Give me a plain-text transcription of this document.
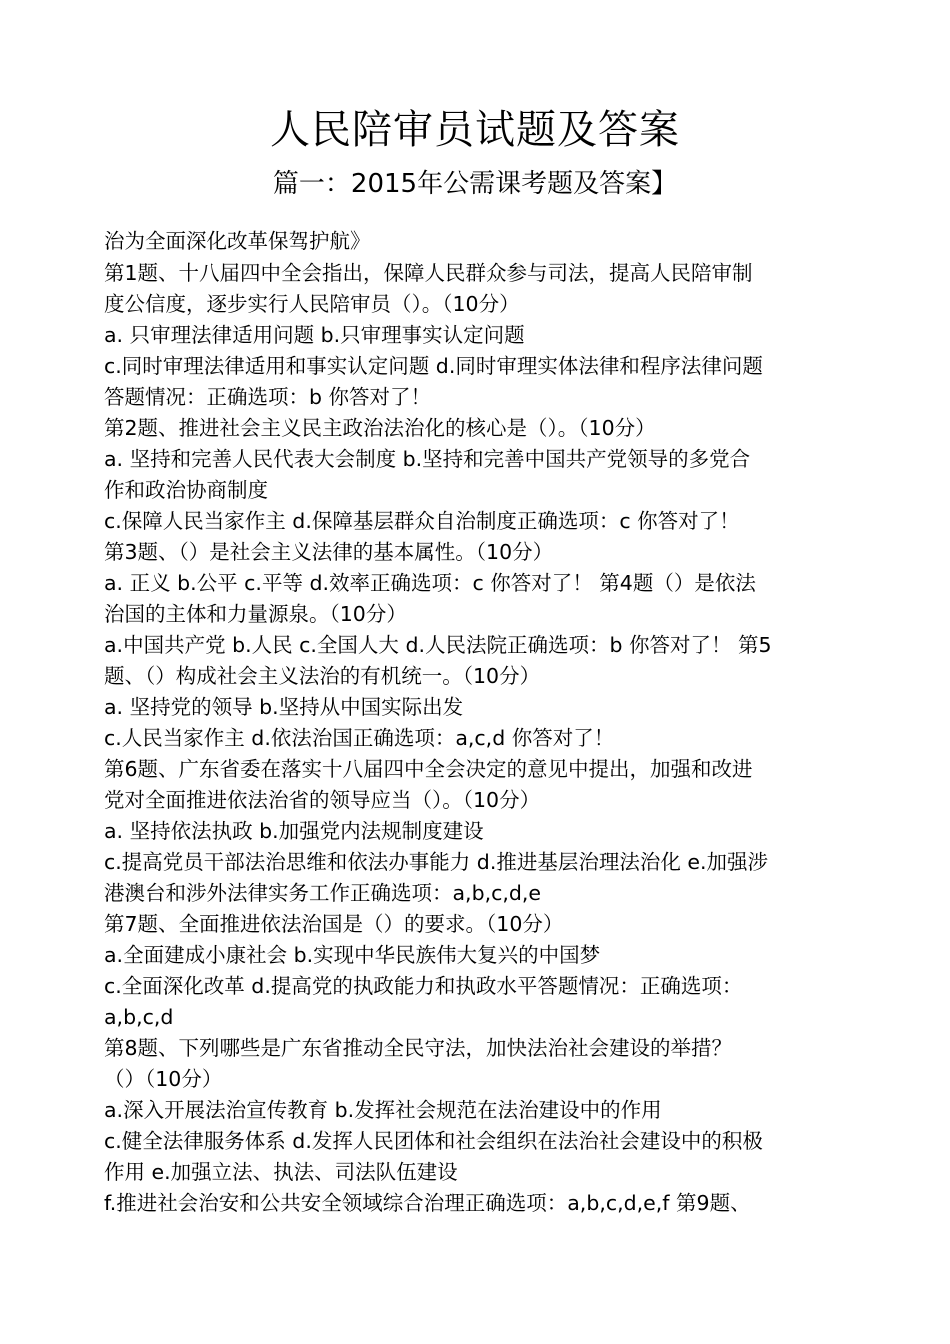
人民陪审员试题及答案
篇一：2015年公需课考题及答案】
治为全面深化改革保驾护航》
第1题、十八届四中全会指出，保障人民群众参与司法，提高人民陪审制
度公信度，逐步实行人民陪审员（）。（10分）
a. 只审理法律适用问题 b.只审理事实认定问题
c.同时审理法律适用和事实认定问题 d.同时审理实体法律和程序法律问题
答题情况：正确选项：b 你答对了！
第2题、推进社会主义民主政治法治化的核心是（）。（10分）
a. 坚持和完善人民代表大会制度 b.坚持和完善中国共产党领导的多党合
作和政治协商制度
c.保障人民当家作主 d.保障基层群众自治制度正确选项：c 你答对了！
第3题、（）是社会主义法律的基本属性。（10分）
a. 正义 b.公平 c.平等 d.效率正确选项：c 你答对了！ 第4题（）是依法
治国的主体和力量源泉。（10分）
a.中国共产党 b.人民 c.全国人大 d.人民法院正确选项：b 你答对了！ 第5
题、（）构成社会主义法治的有机统一。（10分）
a. 坚持党的领导 b.坚持从中国实际出发
c.人民当家作主 d.依法治国正确选项：a,c,d 你答对了！
第6题、广东省委在落实十八届四中全会决定的意见中提出，加强和改进
党对全面推进依法治省的领导应当（）。（10分）
a. 坚持依法执政 b.加强党内法规制度建设
c.提高党员干部法治思维和依法办事能力 d.推进基层治理法治化 e.加强涉
港澳台和涉外法律实务工作正确选项：a,b,c,d,e
第7题、全面推进依法治国是（）的要求。（10分）
a.全面建成小康社会 b.实现中华民族伟大复兴的中国梦
c.全面深化改革 d.提高党的执政能力和执政水平答题情况：正确选项：
a,b,c,d
第8题、下列哪些是广东省推动全民守法，加快法治社会建设的举措？
（）（10分）
a.深入开展法治宣传教育 b.发挥社会规范在法治建设中的作用
c.健全法律服务体系 d.发挥人民团体和社会组织在法治社会建设中的积极
作用 e.加强立法、执法、司法队伍建设
f.推进社会治安和公共安全领域综合治理正确选项：a,b,c,d,e,f 第9题、
